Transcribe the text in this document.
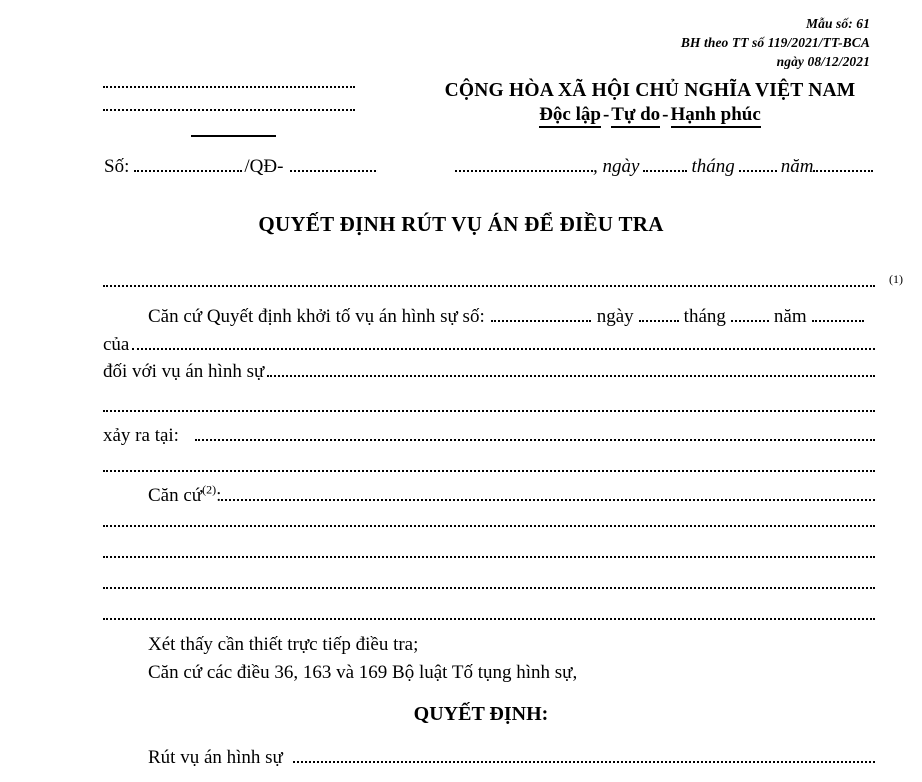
Mẫu số: 61
BH theo TT số 119/2021/TT-BCA
ngày 08/12/2021
CỘNG HÒA XÃ HỘI CHỦ NGHĨA VIỆT NAM
Độc lập - Tự do - Hạnh phúc
Số:	/QĐ-	, ngày	tháng năm
QUYẾT ĐỊNH RÚT VỤ ÁN ĐỂ ĐIỀU TRA
(1)
Căn cứ Quyết định khởi tố vụ án hình sự số:	ngày	tháng	năm
của
đối với vụ án hình sự
xảy ra tại:
Căn cứ$^{(2)}$:
Xét thấy cần thiết trực tiếp điều tra;
Căn cứ các điều 36, 163 và 169 Bộ luật Tố tụng hình sự,
QUYẾT ĐỊNH:
Rút vụ án hình sự
